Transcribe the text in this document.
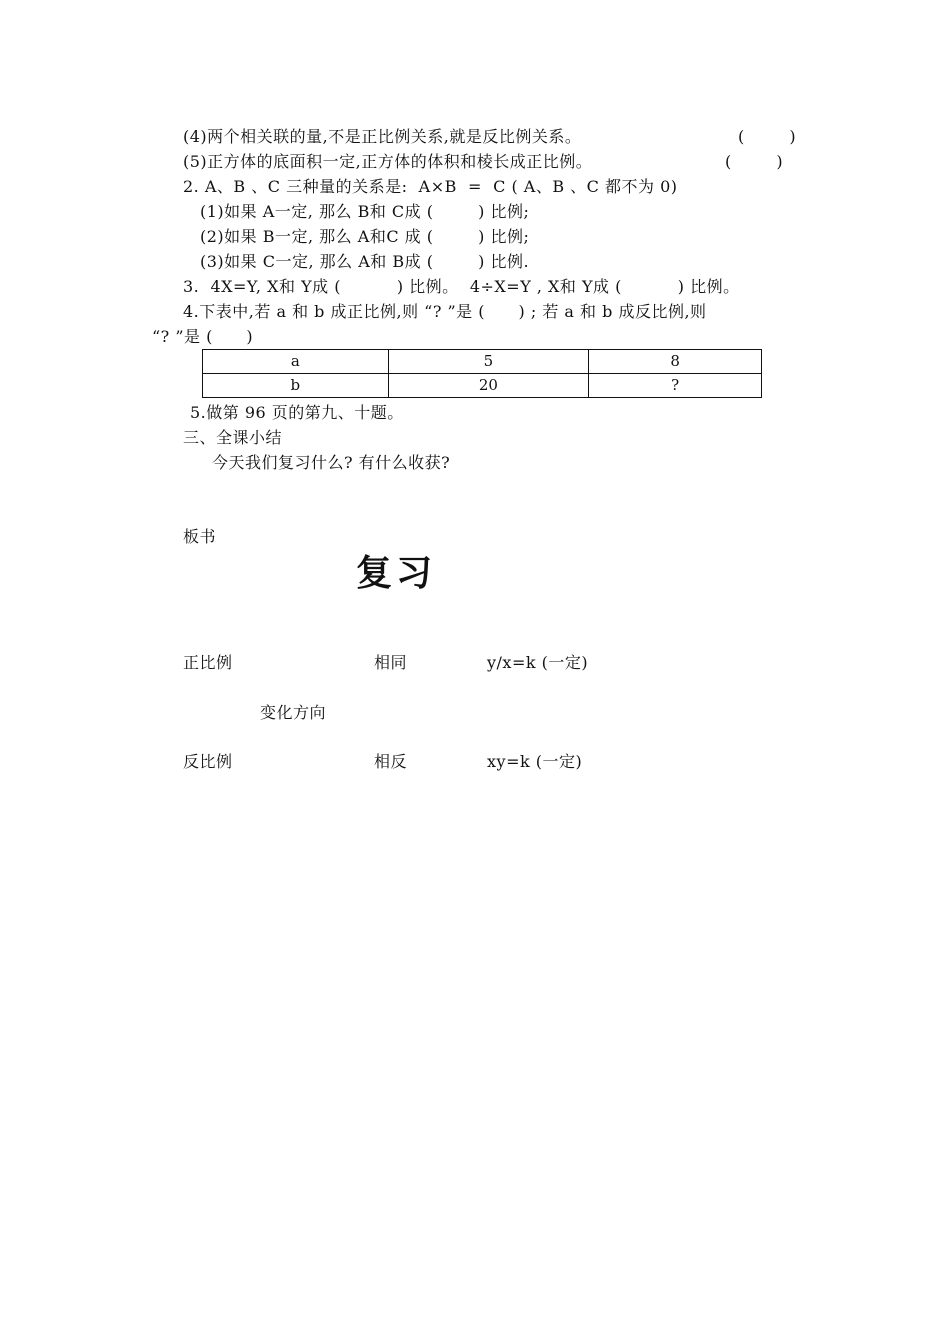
(4)两个相关联的量,不是正比例关系,就是反比例关系。	(        )
(5)正方体的底面积一定,正方体的体积和棱长成正比例。	(        )
2. A、B 、C 三种量的关系是:  A×B  =  C ( A、B 、C 都不为 0)
(1)如果 A一定, 那么 B和 C成 (        ) 比例;
(2)如果 B一定, 那么 A和C 成 (        ) 比例;
(3)如果 C一定, 那么 A和 B成 (        ) 比例.
3.  4X=Y, X和 Y成 (          ) 比例。  4÷X=Y , X和 Y成 (          ) 比例。
4.下表中,若 a 和 b 成正比例,则 “? ”是 (      ) ; 若 a 和 b 成反比例,则
“? ”是 (      )
a	5	8
b	20	?
5.做第 96 页的第九、十题。
三、全课小结
今天我们复习什么? 有什么收获?
板书
复习
正比例	相同	y/x=k (一定)
变化方向
反比例	相反	xy=k (一定)
